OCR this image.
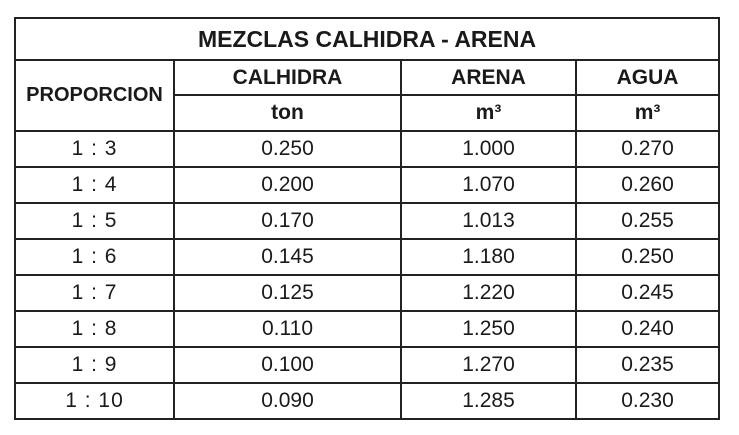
MEZCLAS CALHIDRA - ARENA			
PROPORCION	CALHIDRA	ARENA	AGUA
	ton	m³	m³
1 : 3	0.250	1.000	0.270
1 : 4	0.200	1.070	0.260
1 : 5	0.170	1.013	0.255
1 : 6	0.145	1.180	0.250
1 : 7	0.125	1.220	0.245
1 : 8	0.110	1.250	0.240
1 : 9	0.100	1.270	0.235
1 : 10	0.090	1.285	0.230
